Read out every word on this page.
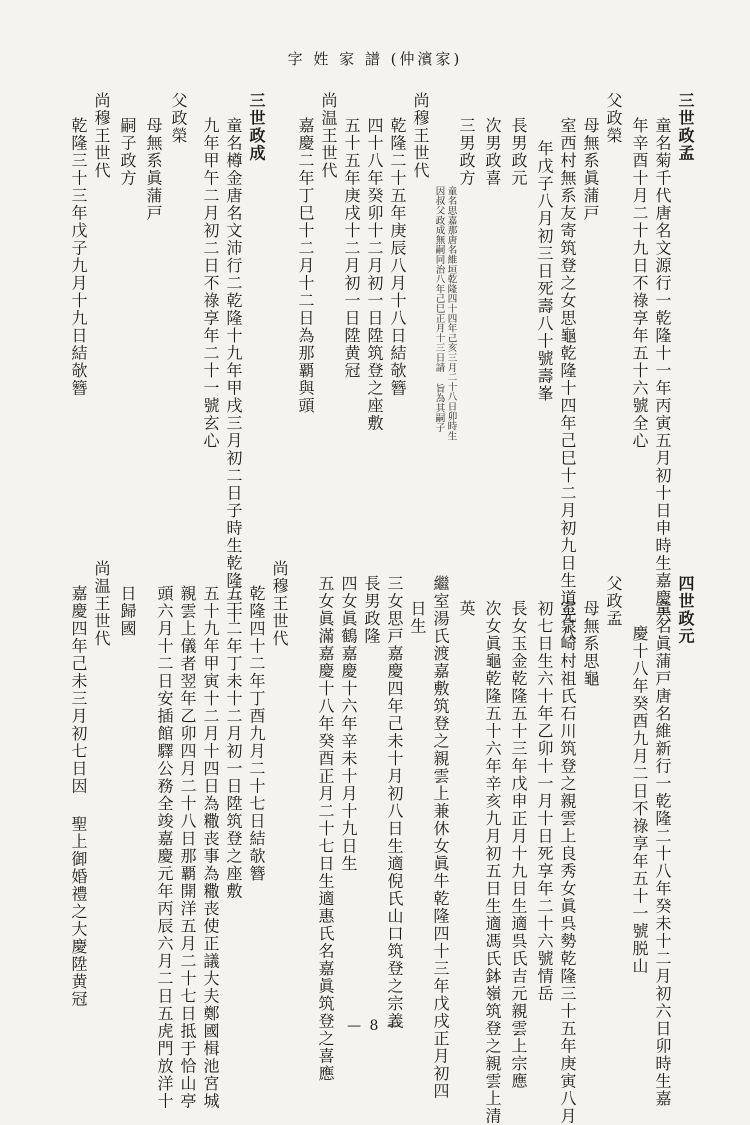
字 姓 家 譜 (仲濱家)
三世政孟
童名菊千代唐名文源行一乾隆十一年丙寅五月初十日申時生嘉慶六
年辛酉十月二十九日不祿享年五十六號全心
父政榮
母無系眞蒲戸
室西村無系友寄筑登之女思龜乾隆十四年己巳十二月初九日生道光八
年戊子八月初三日死壽八十號壽峯
長男政元
次男政喜
三男政方
童名思嘉那唐名維垣乾隆四十四年己亥三月二十八日卯時生
因叔父政成無嗣同治八年己巳正月十三日請 旨為其嗣子
尚穆王世代
乾隆二十五年庚辰八月十八日結欹簪
四十八年癸卯十二月初一日陞筑登之座敷
五十五年庚戌十二月初一日陞黄冠
尚温王世代
嘉慶二年丁巳十二月十二日為那覇與頭
三世政成
童名樽金唐名文沛行二乾隆十九年甲戌三月初二日子時生乾隆三十
九年甲午二月初二日不祿享年二十一號玄心
父政榮
母無系眞蒲戸
嗣子政方
尚穆王世代
乾隆三十三年戊子九月十九日結欹簪
四世政元
童名眞蒲戸唐名維新行一乾隆二十八年癸未十二月初六日卯時生嘉
慶十八年癸酉九月二日不祿享年五十一號脱山
父政孟
母無系思龜
室泉崎村祖氏石川筑登之親雲上良秀女眞呉勢乾隆三十五年庚寅八月
初七日生六十年乙卯十一月十日死享年二十六號情岳
長女玉金乾隆五十三年戊申正月十九日生適呉氏吉元親雲上宗應
次女眞龜乾隆五十六年辛亥九月初五日生適馮氏鉢嶺筑登之親雲上清
英
繼室湯氏渡嘉敷筑登之親雲上兼休女眞牛乾隆四十三年戊戌正月初四
日生
三女思戸嘉慶四年己未十月初八日生適倪氏山口筑登之宗義
長男政隆
四女眞鶴嘉慶十六年辛未十月十九日生
五女眞滿嘉慶十八年癸酉正月二十七日生適惠氏名嘉眞筑登之喜應
尚穆王世代
乾隆四十二年丁酉九月二十七日結欹簪
五十二年丁未十二月初一日陞筑登之座敷
五十九年甲寅十二月十四日為糤丧事為糤丧使正議大夫鄭國楫池宮城
親雲上儀者翌年乙卯四月二十八日那覇開洋五月二十七日抵于恰山亭
頭六月十二日安插館驛公務全竣嘉慶元年丙辰六月二日五虎門放洋十
日歸國
尚温王世代
嘉慶四年己未三月初七日因 聖上御婚禮之大慶陞黄冠
— 8 —
